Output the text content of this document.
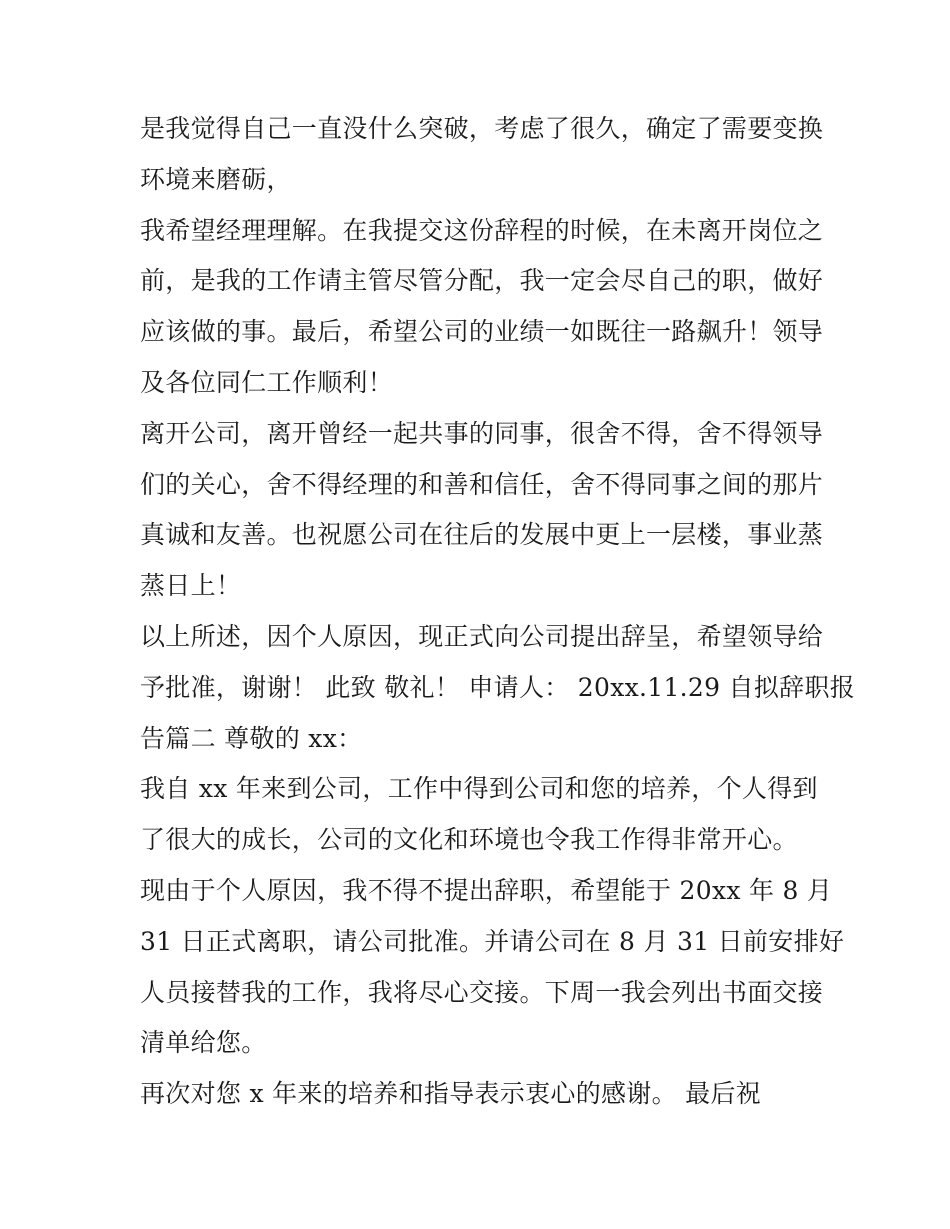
是我觉得自己一直没什么突破，考虑了很久，确定了需要变换
环境来磨砺，
我希望经理理解。在我提交这份辞程的时候，在未离开岗位之
前，是我的工作请主管尽管分配，我一定会尽自己的职，做好
应该做的事。最后，希望公司的业绩一如既往一路飙升！领导
及各位同仁工作顺利！
离开公司，离开曾经一起共事的同事，很舍不得，舍不得领导
们的关心，舍不得经理的和善和信任，舍不得同事之间的那片
真诚和友善。也祝愿公司在往后的发展中更上一层楼，事业蒸
蒸日上！
以上所述，因个人原因，现正式向公司提出辞呈，希望领导给
予批准，谢谢！ 此致 敬礼！ 申请人： 20xx.11.29 自拟辞职报
告篇二 尊敬的 xx：
我自 xx 年来到公司，工作中得到公司和您的培养，个人得到
了很大的成长，公司的文化和环境也令我工作得非常开心。
现由于个人原因，我不得不提出辞职，希望能于 20xx 年 8 月
31 日正式离职，请公司批准。并请公司在 8 月 31 日前安排好
人员接替我的工作，我将尽心交接。下周一我会列出书面交接
清单给您。
再次对您 x 年来的培养和指导表示衷心的感谢。 最后祝
